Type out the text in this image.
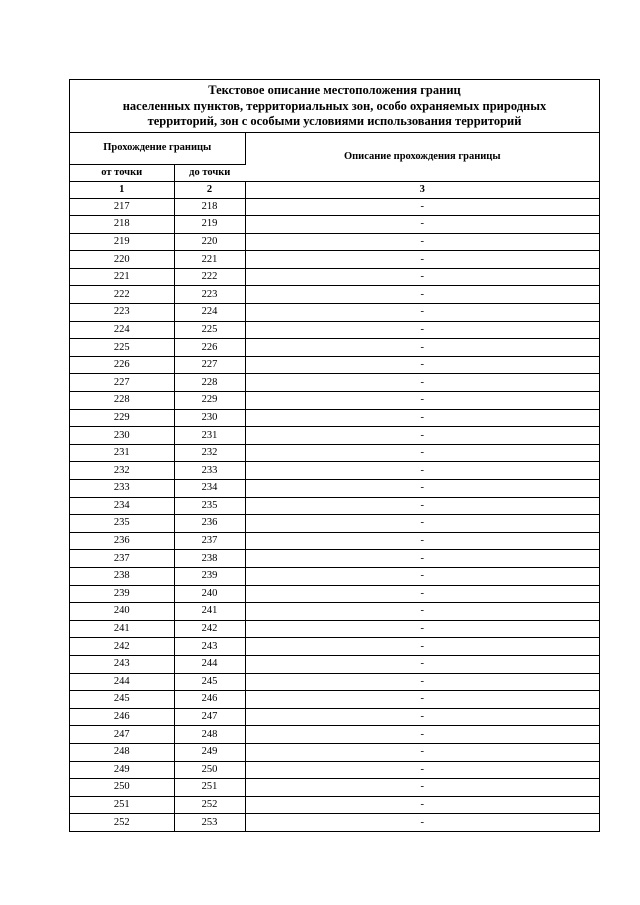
Текстовое описание местоположения границ
населенных пунктов, территориальных зон, особо охраняемых природных
территорий, зон с особыми условиями использования территорий
Прохождение границы		Описание прохождения границы
от точки	до точки	
1	2	3
217	218	-
218	219	-
219	220	-
220	221	-
221	222	-
222	223	-
223	224	-
224	225	-
225	226	-
226	227	-
227	228	-
228	229	-
229	230	-
230	231	-
231	232	-
232	233	-
233	234	-
234	235	-
235	236	-
236	237	-
237	238	-
238	239	-
239	240	-
240	241	-
241	242	-
242	243	-
243	244	-
244	245	-
245	246	-
246	247	-
247	248	-
248	249	-
249	250	-
250	251	-
251	252	-
252	253	-
